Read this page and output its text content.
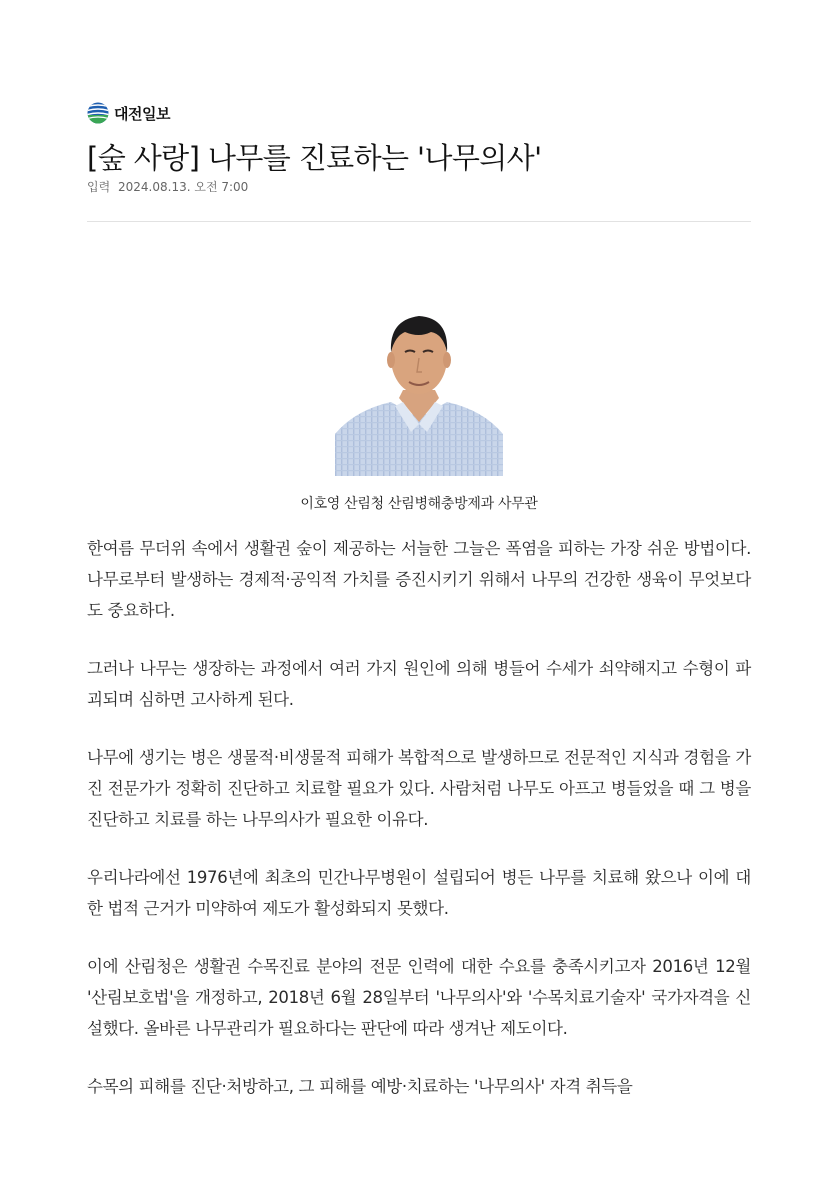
대전일보
[숲 사랑] 나무를 진료하는 '나무의사'
입력 2024.08.13. 오전 7:00
이호영 산림청 산림병해충방제과 사무관

한여름 무더위 속에서 생활권 숲이 제공하는 서늘한 그늘은 폭염을 피하는 가장 쉬운 방법이다. 나무로부터 발생하는 경제적·공익적 가치를 증진시키기 위해서 나무의 건강한 생육이 무엇보다도 중요하다.

그러나 나무는 생장하는 과정에서 여러 가지 원인에 의해 병들어 수세가 쇠약해지고 수형이 파괴되며 심하면 고사하게 된다.

나무에 생기는 병은 생물적·비생물적 피해가 복합적으로 발생하므로 전문적인 지식과 경험을 가진 전문가가 정확히 진단하고 치료할 필요가 있다. 사람처럼 나무도 아프고 병들었을 때 그 병을 진단하고 치료를 하는 나무의사가 필요한 이유다.

우리나라에선 1976년에 최초의 민간나무병원이 설립되어 병든 나무를 치료해 왔으나 이에 대한 법적 근거가 미약하여 제도가 활성화되지 못했다.

이에 산림청은 생활권 수목진료 분야의 전문 인력에 대한 수요를 충족시키고자 2016년 12월 '산림보호법'을 개정하고, 2018년 6월 28일부터 '나무의사'와 '수목치료기술자' 국가자격을 신설했다. 올바른 나무관리가 필요하다는 판단에 따라 생겨난 제도이다.

수목의 피해를 진단·처방하고, 그 피해를 예방·치료하는 '나무의사' 자격 취득을
